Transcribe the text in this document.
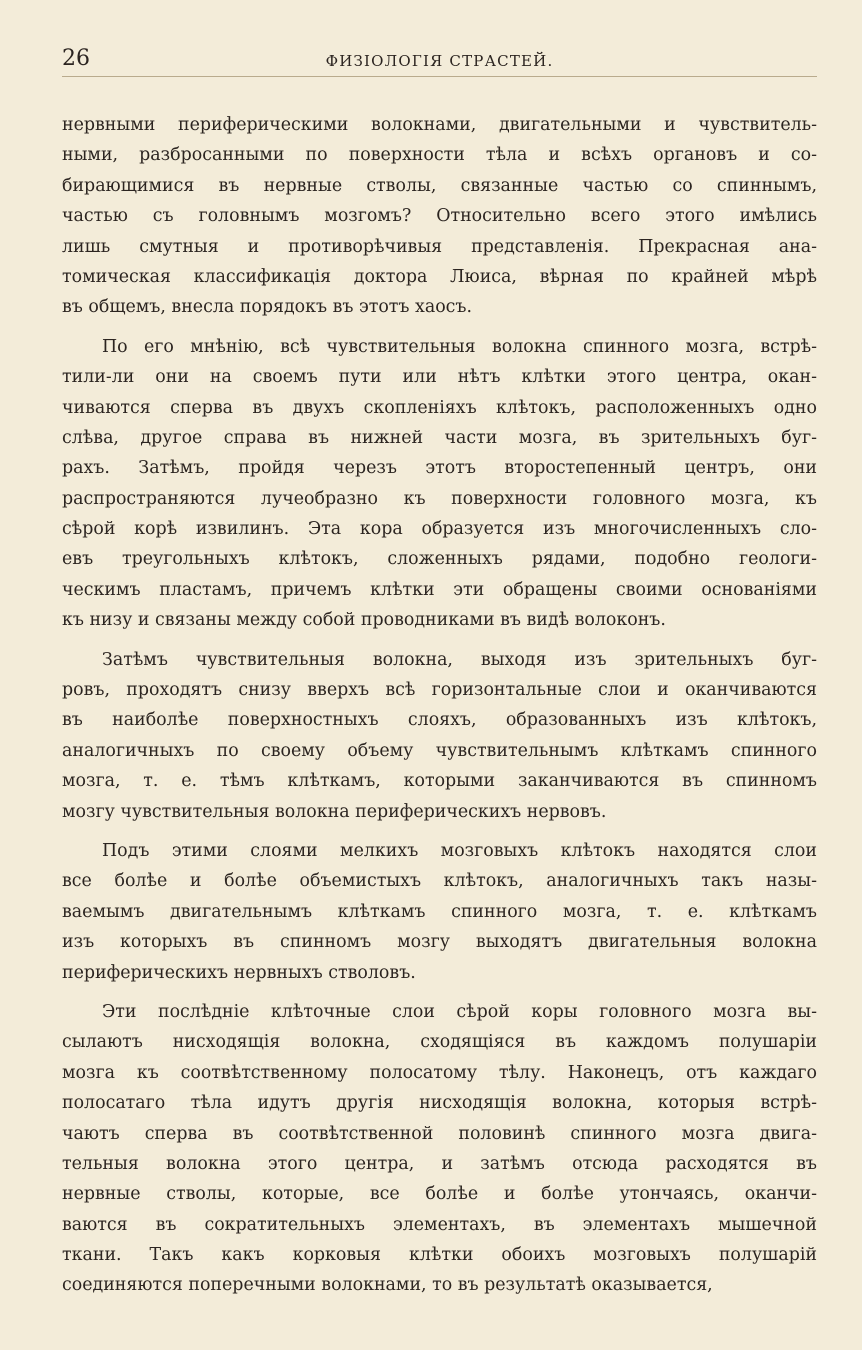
26	ФИЗІОЛОГІЯ СТРАСТЕЙ.
нервными периферическими волокнами, двигательными и чувствитель-
ными, разбросанными по поверхности тѣла и всѣхъ органовъ и со-
бирающимися въ нервные стволы, связанные частью со спиннымъ,
частью съ головнымъ мозгомъ? Относительно всего этого имѣлись
лишь смутныя и противорѣчивыя представленія. Прекрасная ана-
томическая классификація доктора Люиса, вѣрная по крайней мѣрѣ
въ общемъ, внесла порядокъ въ этотъ хаосъ.
По его мнѣнію, всѣ чувствительныя волокна спинного мозга, встрѣ-
тили-ли они на своемъ пути или нѣтъ клѣтки этого центра, окан-
чиваются сперва въ двухъ скопленіяхъ клѣтокъ, расположенныхъ одно
слѣва, другое справа въ нижней части мозга, въ зрительныхъ буг-
рахъ. Затѣмъ, пройдя черезъ этотъ второстепенный центръ, они
распространяются лучеобразно къ поверхности головного мозга, къ
сѣрой корѣ извилинъ. Эта кора образуется изъ многочисленныхъ сло-
евъ треугольныхъ клѣтокъ, сложенныхъ рядами, подобно геологи-
ческимъ пластамъ, причемъ клѣтки эти обращены своими основаніями
къ низу и связаны между собой проводниками въ видѣ волоконъ.
Затѣмъ чувствительныя волокна, выходя изъ зрительныхъ буг-
ровъ, проходятъ снизу вверхъ всѣ горизонтальные слои и оканчиваются
въ наиболѣе поверхностныхъ слояхъ, образованныхъ изъ клѣтокъ,
аналогичныхъ по своему объему чувствительнымъ клѣткамъ спинного
мозга, т. е. тѣмъ клѣткамъ, которыми заканчиваются въ спинномъ
мозгу чувствительныя волокна периферическихъ нервовъ.
Подъ этими слоями мелкихъ мозговыхъ клѣтокъ находятся слои
все болѣе и болѣе объемистыхъ клѣтокъ, аналогичныхъ такъ назы-
ваемымъ двигательнымъ клѣткамъ спинного мозга, т. е. клѣткамъ
изъ которыхъ въ спинномъ мозгу выходятъ двигательныя волокна
периферическихъ нервныхъ стволовъ.
Эти послѣдніе клѣточные слои сѣрой коры головного мозга вы-
сылаютъ нисходящія волокна, сходящіяся въ каждомъ полушаріи
мозга къ соотвѣтственному полосатому тѣлу. Наконецъ, отъ каждаго
полосатаго тѣла идутъ другія нисходящія волокна, которыя встрѣ-
чаютъ сперва въ соотвѣтственной половинѣ спинного мозга двига-
тельныя волокна этого центра, и затѣмъ отсюда расходятся въ
нервные стволы, которые, все болѣе и болѣе утончаясь, оканчи-
ваются въ сократительныхъ элементахъ, въ элементахъ мышечной
ткани. Такъ какъ корковыя клѣтки обоихъ мозговыхъ полушарій
соединяются поперечными волокнами, то въ результатѣ оказывается,
